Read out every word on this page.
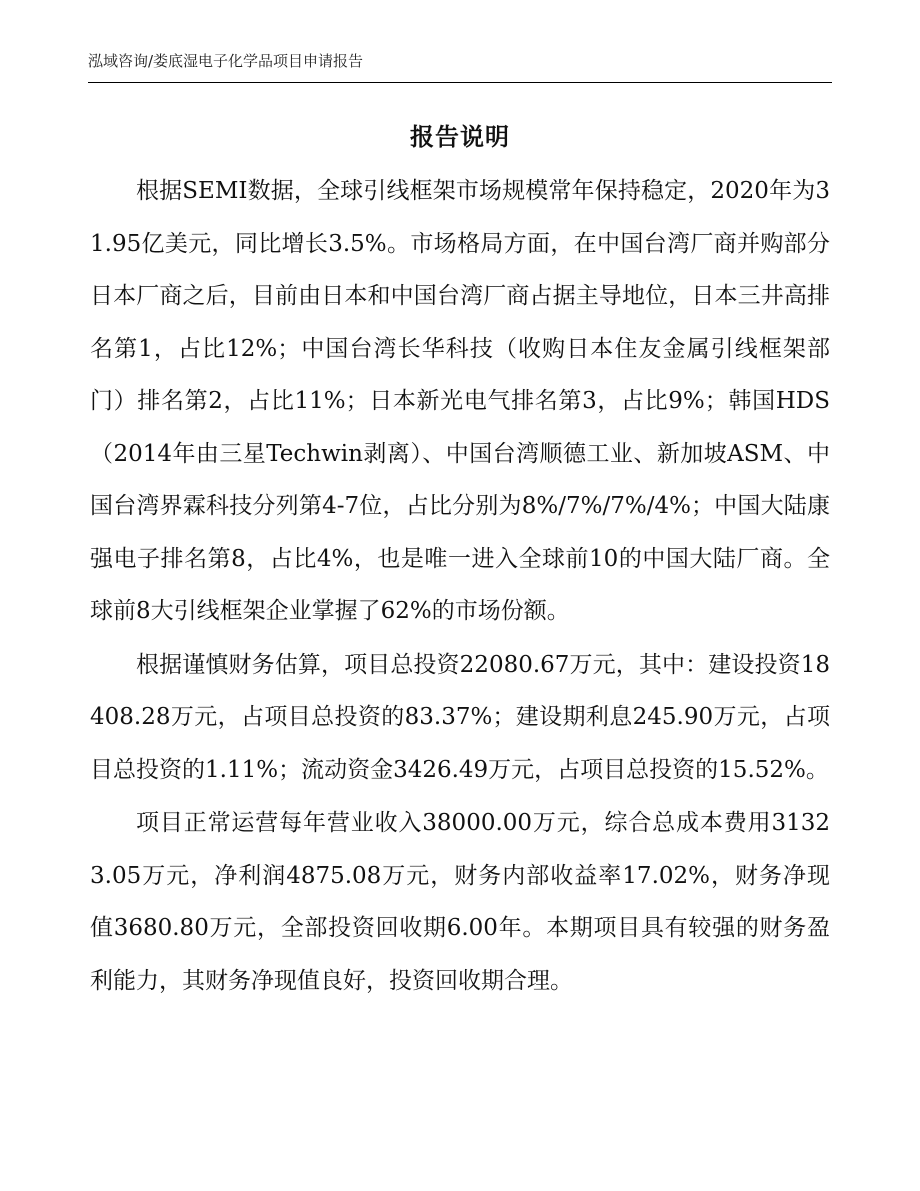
泓域咨询/娄底湿电子化学品项目申请报告
报告说明

根据SEMI数据，全球引线框架市场规模常年保持稳定，2020年为31.95亿美元，同比增长3.5%。市场格局方面，在中国台湾厂商并购部分日本厂商之后，目前由日本和中国台湾厂商占据主导地位，日本三井高排名第1，占比12%；中国台湾长华科技（收购日本住友金属引线框架部门）排名第2，占比11%；日本新光电气排名第3，占比9%；韩国HDS（2014年由三星Techwin剥离）、中国台湾顺德工业、新加坡ASM、中国台湾界霖科技分列第4-7位，占比分别为8%/7%/7%/4%；中国大陆康强电子排名第8，占比4%，也是唯一进入全球前10的中国大陆厂商。全球前8大引线框架企业掌握了62%的市场份额。

根据谨慎财务估算，项目总投资22080.67万元，其中：建设投资18408.28万元，占项目总投资的83.37%；建设期利息245.90万元，占项目总投资的1.11%；流动资金3426.49万元，占项目总投资的15.52%。

项目正常运营每年营业收入38000.00万元，综合总成本费用31323.05万元，净利润4875.08万元，财务内部收益率17.02%，财务净现值3680.80万元，全部投资回收期6.00年。本期项目具有较强的财务盈利能力，其财务净现值良好，投资回收期合理。
